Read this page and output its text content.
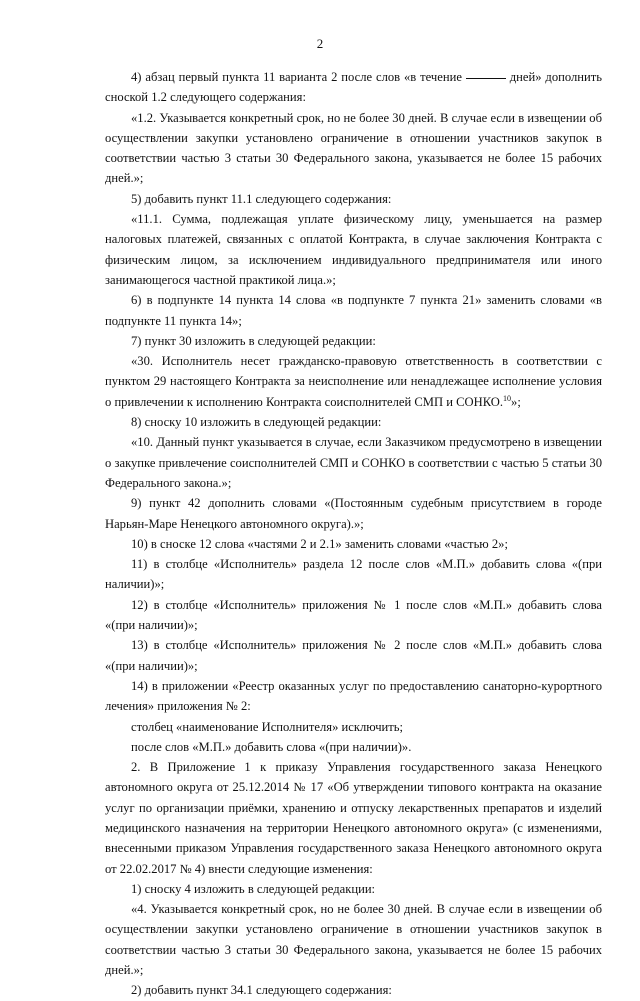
2

4) абзац первый пункта 11 варианта 2 после слов «в течение	дней» дополнить сноской 1.2 следующего содержания:

«1.2. Указывается конкретный срок, но не более 30 дней. В случае если в извещении об осуществлении закупки установлено ограничение в отношении участников закупок в соответствии частью 3 статьи 30 Федерального закона, указывается не более 15 рабочих дней.»;

5) добавить пункт 11.1 следующего содержания:

«11.1. Сумма, подлежащая уплате физическому лицу, уменьшается на размер налоговых платежей, связанных с оплатой Контракта, в случае заключения Контракта с физическим лицом, за исключением индивидуального предпринимателя или иного занимающегося частной практикой лица.»;

6) в подпункте 14 пункта 14 слова «в подпункте 7 пункта 21» заменить словами «в подпункте 11 пункта 14»;

7) пункт 30 изложить в следующей редакции:

«30. Исполнитель несет гражданско-правовую ответственность в соответствии с пунктом 29 настоящего Контракта за неисполнение или ненадлежащее исполнение условия о привлечении к исполнению Контракта соисполнителей СМП и СОНКО.$^{10}$»;

8) сноску 10 изложить в следующей редакции:

«10. Данный пункт указывается в случае, если Заказчиком предусмотрено в извещении о закупке привлечение соисполнителей СМП и СОНКО в соответствии с частью 5 статьи 30 Федерального закона.»;

9) пункт 42 дополнить словами «(Постоянным судебным присутствием в городе Нарьян-Маре Ненецкого автономного округа).»;

10) в сноске 12 слова «частями 2 и 2.1» заменить словами «частью 2»;

11) в столбце «Исполнитель» раздела 12 после слов «М.П.» добавить слова «(при наличии)»;

12) в столбце «Исполнитель» приложения № 1 после слов «М.П.» добавить слова «(при наличии)»;

13) в столбце «Исполнитель» приложения № 2 после слов «М.П.» добавить слова «(при наличии)»;

14) в приложении «Реестр оказанных услуг по предоставлению санаторно-курортного лечения» приложения № 2:

столбец «наименование Исполнителя» исключить;

после слов «М.П.» добавить слова «(при наличии)».

2. В Приложение 1 к приказу Управления государственного заказа Ненецкого автономного округа от 25.12.2014 № 17 «Об утверждении типового контракта на оказание услуг по организации приёмки, хранению и отпуску лекарственных препаратов и изделий медицинского назначения на территории Ненецкого автономного округа» (с изменениями, внесенными приказом Управления государственного заказа Ненецкого автономного округа от 22.02.2017 № 4) внести следующие изменения:

1) сноску 4 изложить в следующей редакции:

«4. Указывается конкретный срок, но не более 30 дней. В случае если в извещении об осуществлении закупки установлено ограничение в отношении участников закупок в соответствии частью 3 статьи 30 Федерального закона, указывается не более 15 рабочих дней.»;

2) добавить пункт 34.1 следующего содержания:
